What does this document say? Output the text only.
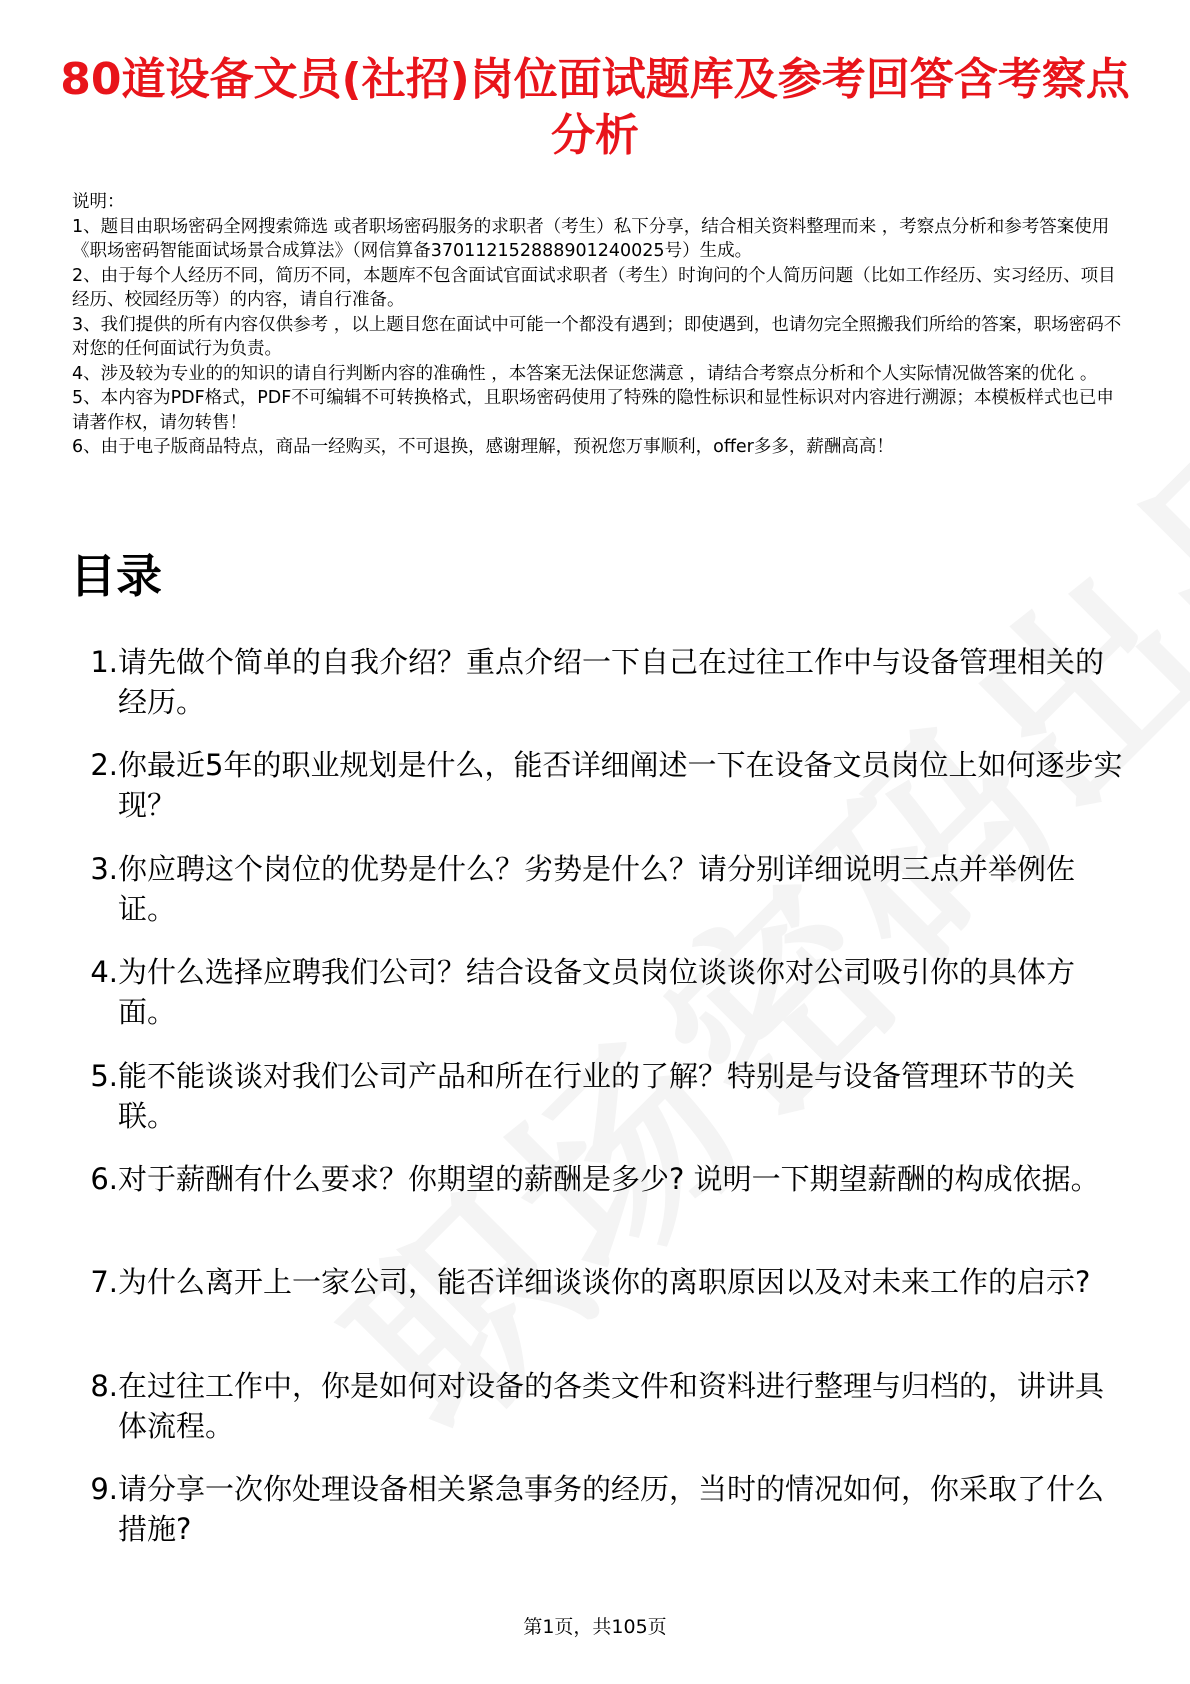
80道设备文员(社招)岗位面试题库及参考回答含考察点分析

说明：

1、题目由职场密码全网搜索筛选 或者职场密码服务的求职者（考生）私下分享，结合相关资料整理而来 ，考察点分析和参考答案使用《职场密码智能面试场景合成算法》（网信算备370112152888901240025号）生成。

2、由于每个人经历不同，简历不同，本题库不包含面试官面试求职者（考生）时询问的个人简历问题（比如工作经历、实习经历、项目经历、校园经历等）的内容，请自行准备。

3、我们提供的所有内容仅供参考 ，以上题目您在面试中可能一个都没有遇到；即使遇到，也请勿完全照搬我们所给的答案，职场密码不对您的任何面试行为负责。

4、涉及较为专业的的知识的请自行判断内容的准确性 ，本答案无法保证您满意 ，请结合考察点分析和个人实际情况做答案的优化 。

5、本内容为PDF格式，PDF不可编辑不可转换格式，且职场密码使用了特殊的隐性标识和显性标识对内容进行溯源；本模板样式也已申请著作权，请勿转售！

6、由于电子版商品特点，商品一经购买，不可退换，感谢理解，预祝您万事顺利，offer多多，薪酬高高！

目录
1. 请先做个简单的自我介绍？重点介绍一下自己在过往工作中与设备管理相关的经历。
2. 你最近5年的职业规划是什么，能否详细阐述一下在设备文员岗位上如何逐步实现？
3. 你应聘这个岗位的优势是什么？劣势是什么？请分别详细说明三点并举例佐证。
4. 为什么选择应聘我们公司？结合设备文员岗位谈谈你对公司吸引你的具体方面。
5. 能不能谈谈对我们公司产品和所在行业的了解？特别是与设备管理环节的关联。
6. 对于薪酬有什么要求？你期望的薪酬是多少? 说明一下期望薪酬的构成依据。
7. 为什么离开上一家公司，能否详细谈谈你的离职原因以及对未来工作的启示?
8. 在过往工作中，你是如何对设备的各类文件和资料进行整理与归档的，讲讲具体流程。
9. 请分享一次你处理设备相关紧急事务的经历，当时的情况如何，你采取了什么措施?
第1页，共105页
